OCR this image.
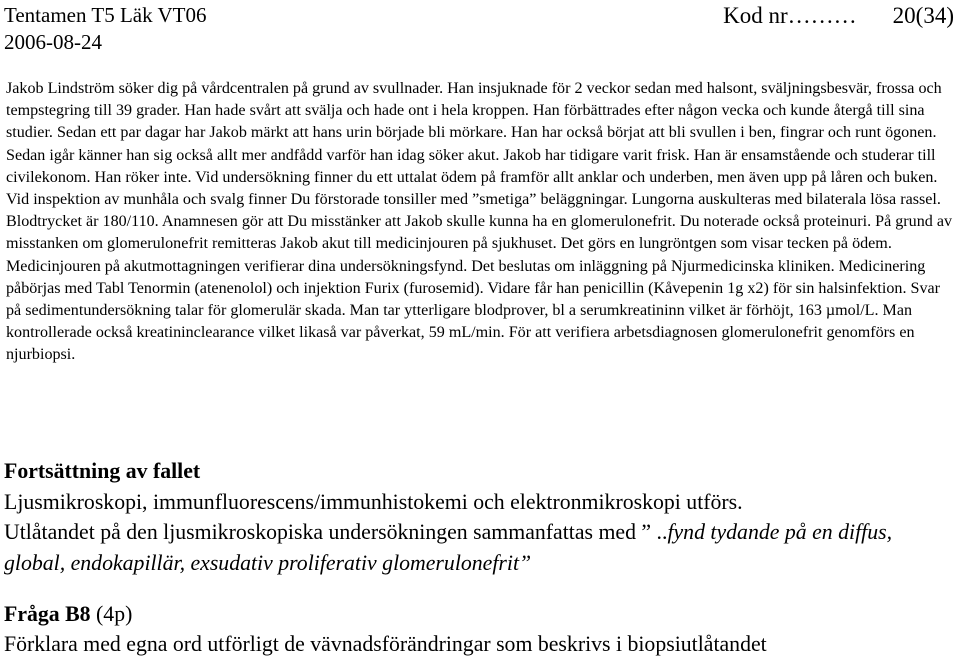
Tentamen T5 Läk VT06
2006-08-24
Kod nr……… 20(34)

Jakob Lindström söker dig på vårdcentralen på grund av svullnader. Han insjuknade för 2 veckor sedan med halsont, sväljningsbesvär, frossa och tempstegring till 39 grader. Han hade svårt att svälja och hade ont i hela kroppen. Han förbättrades efter någon vecka och kunde återgå till sina studier. Sedan ett par dagar har Jakob märkt att hans urin började bli mörkare. Han har också börjat att bli svullen i ben, fingrar och runt ögonen. Sedan igår känner han sig också allt mer andfådd varför han idag söker akut. Jakob har tidigare varit frisk. Han är ensamstående och studerar till civilekonom. Han röker inte. Vid undersökning finner du ett uttalat ödem på framför allt anklar och underben, men även upp på låren och buken. Vid inspektion av munhåla och svalg finner Du förstorade tonsiller med ”smetiga” beläggningar. Lungorna auskulteras med bilaterala lösa rassel. Blodtrycket är 180/110. Anamnesen gör att Du misstänker att Jakob skulle kunna ha en glomerulonefrit. Du noterade också proteinuri. På grund av misstanken om glomerulonefrit remitteras Jakob akut till medicinjouren på sjukhuset. Det görs en lungröntgen som visar tecken på ödem. Medicinjouren på akutmottagningen verifierar dina undersökningsfynd. Det beslutas om inläggning på Njurmedicinska kliniken. Medicinering påbörjas med Tabl Tenormin (atenenolol) och injektion Furix (furosemid). Vidare får han penicillin (Kåvepenin 1g x2) för sin halsinfektion. Svar på sedimentundersökning talar för glomerulär skada. Man tar ytterligare blodprover, bl a serumkreatininn vilket är förhöjt, 163 µmol/L. Man kontrollerade också kreatininclearance vilket likaså var påverkat, 59 mL/min. För att verifiera arbetsdiagnosen glomerulonefrit genomförs en njurbiopsi.

Fortsättning av fallet

Ljusmikroskopi, immunfluorescens/immunhistokemi och elektronmikroskopi utförs.

Utlåtandet på den ljusmikroskopiska undersökningen sammanfattas med ” ..fynd tydande på en diffus, global, endokapillär, exsudativ proliferativ glomerulonefrit”

Fråga B8 (4p)

Förklara med egna ord utförligt de vävnadsförändringar som beskrivs i biopsiutlåtandet
